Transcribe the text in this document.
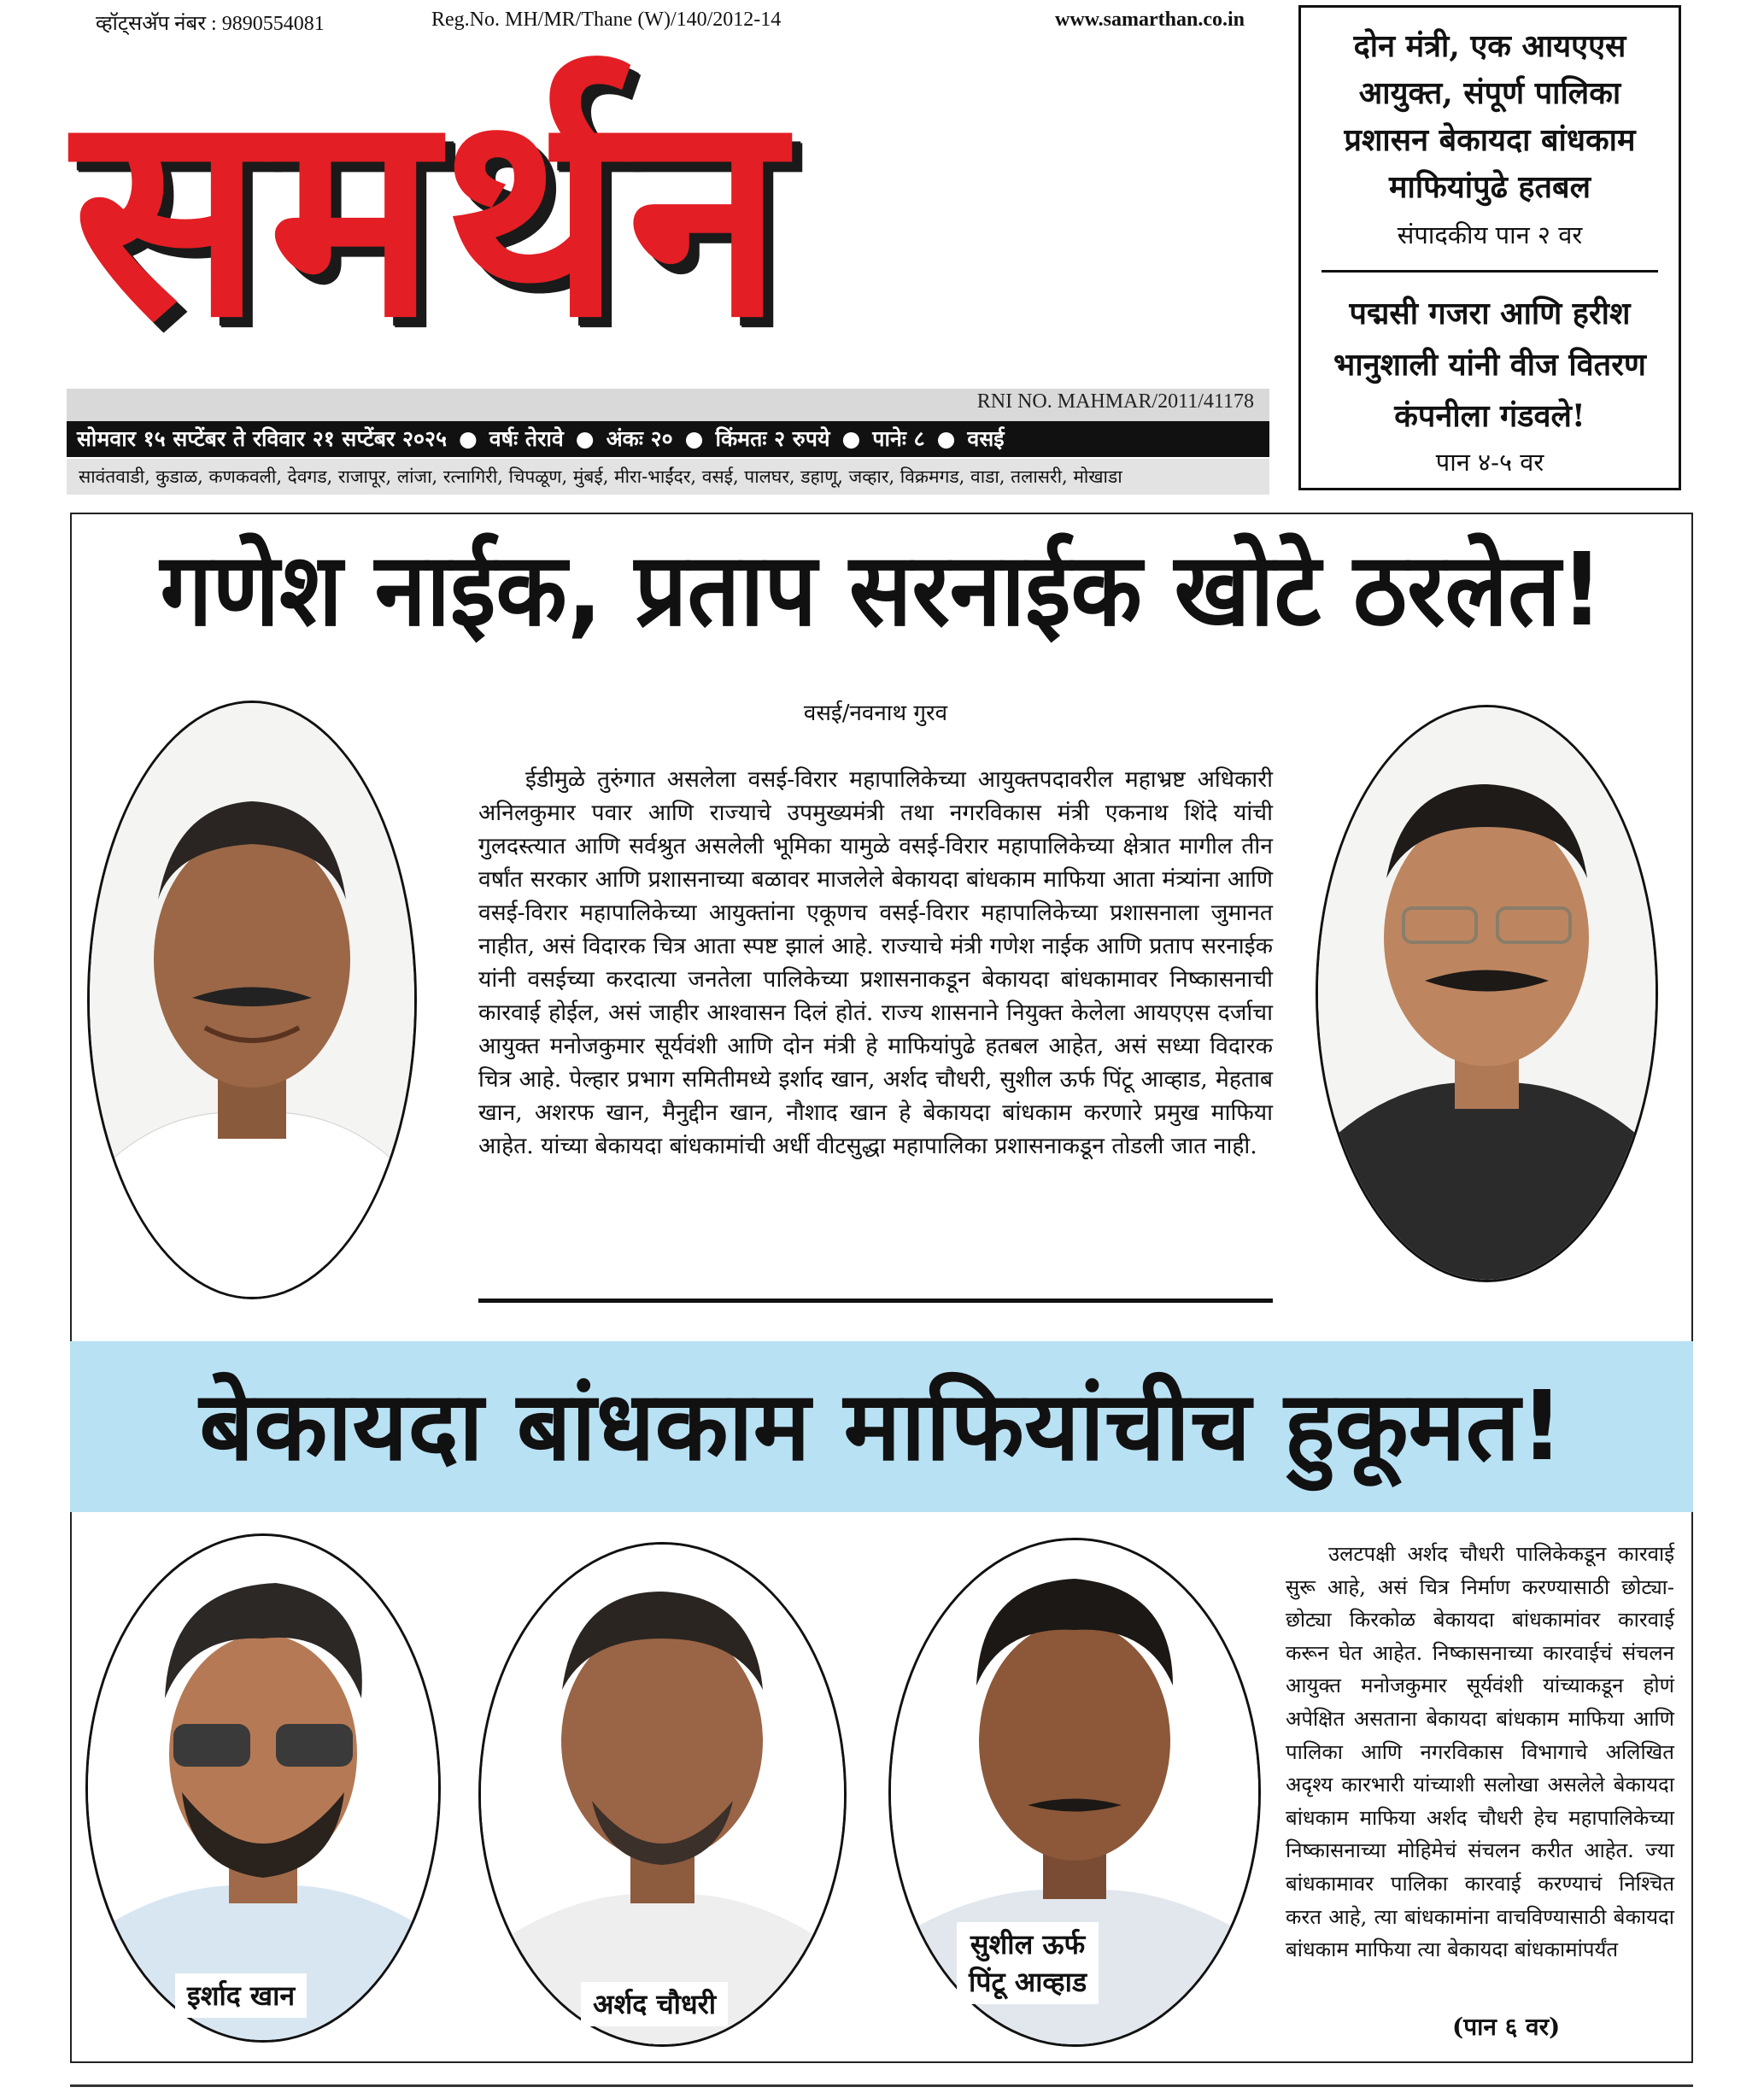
व्हॉट्सअ‍ॅप नंबर : 9890554081	Reg.No. MH/MR/Thane (W)/140/2012-14	www.samarthan.co.in
समर्थन
RNI NO. MAHMAR/2011/41178
सोमवार १५ सप्टेंबर ते रविवार २१ सप्टेंबर २०२५ ● वर्षः तेरावे ● अंकः २० ● किंमतः २ रुपये ● पानेः ८ ● वसई
सावंतवाडी, कुडाळ, कणकवली, देवगड, राजापूर, लांजा, रत्नागिरी, चिपळूण, मुंबई, मीरा-भाईंदर, वसई, पालघर, डहाणू, जव्हार, विक्रमगड, वाडा, तलासरी, मोखाडा
दोन मंत्री, एक आयएएस आयुक्त, संपूर्ण पालिका प्रशासन बेकायदा बांधकाम माफियांपुढे हतबल
संपादकीय पान २ वर
पद्मसी गजरा आणि हरीश भानुशाली यांनी वीज वितरण कंपनीला गंडवले!
पान ४-५ वर
गणेश नाईक, प्रताप सरनाईक खोटे ठरलेत!
वसई/नवनाथ गुरव
ईडीमुळे तुरुंगात असलेला वसई-विरार महापालिकेच्या आयुक्तपदावरील महाभ्रष्ट अधिकारी अनिलकुमार पवार आणि राज्याचे उपमुख्यमंत्री तथा नगरविकास मंत्री एकनाथ शिंदे यांची गुलदस्त्यात आणि सर्वश्रुत असलेली भूमिका यामुळे वसई-विरार महापालिकेच्या क्षेत्रात मागील तीन वर्षांत सरकार आणि प्रशासनाच्या बळावर माजलेले बेकायदा बांधकाम माफिया आता मंत्र्यांना आणि वसई-विरार महापालिकेच्या आयुक्तांना एकूणच वसई-विरार महापालिकेच्या प्रशासनाला जुमानत नाहीत, असं विदारक चित्र आता स्पष्ट झालं आहे. राज्याचे मंत्री गणेश नाईक आणि प्रताप सरनाईक यांनी वसईच्या करदात्या जनतेला पालिकेच्या प्रशासनाकडून बेकायदा बांधकामावर निष्कासनाची कारवाई होईल, असं जाहीर आश्वासन दिलं होतं. राज्य शासनाने नियुक्त केलेला आयएएस दर्जाचा आयुक्त मनोजकुमार सूर्यवंशी आणि दोन मंत्री हे माफियांपुढे हतबल आहेत, असं सध्या विदारक चित्र आहे. पेल्हार प्रभाग समितीमध्ये इर्शाद खान, अर्शद चौधरी, सुशील ऊर्फ पिंटू आव्हाड, मेहताब खान, अशरफ खान, मैनुद्दीन खान, नौशाद खान हे बेकायदा बांधकाम करणारे प्रमुख माफिया आहेत. यांच्या बेकायदा बांधकामांची अर्धी वीटसुद्धा महापालिका प्रशासनाकडून तोडली जात नाही.
बेकायदा बांधकाम माफियांचीच हुकूमत!
इर्शाद खान	अर्शद चौधरी
सुशील ऊर्फ
पिंटू आव्हाड
उलटपक्षी अर्शद चौधरी पालिकेकडून कारवाई सुरू आहे, असं चित्र निर्माण करण्यासाठी छोट्या-छोट्या किरकोळ बेकायदा बांधकामांवर कारवाई करून घेत आहेत. निष्कासनाच्या कारवाईचं संचलन आयुक्त मनोजकुमार सूर्यवंशी यांच्याकडून होणं अपेक्षित असताना बेकायदा बांधकाम माफिया आणि पालिका आणि नगरविकास विभागाचे अलिखित अदृश्य कारभारी यांच्याशी सलोखा असलेले बेकायदा बांधकाम माफिया अर्शद चौधरी हेच महापालिकेच्या निष्कासनाच्या मोहिमेचं संचलन करीत आहेत. ज्या बांधकामावर पालिका कारवाई करण्याचं निश्चित करत आहे, त्या बांधकामांना वाचविण्यासाठी बेकायदा बांधकाम माफिया त्या बेकायदा बांधकामांपर्यंत
(पान ६ वर)
